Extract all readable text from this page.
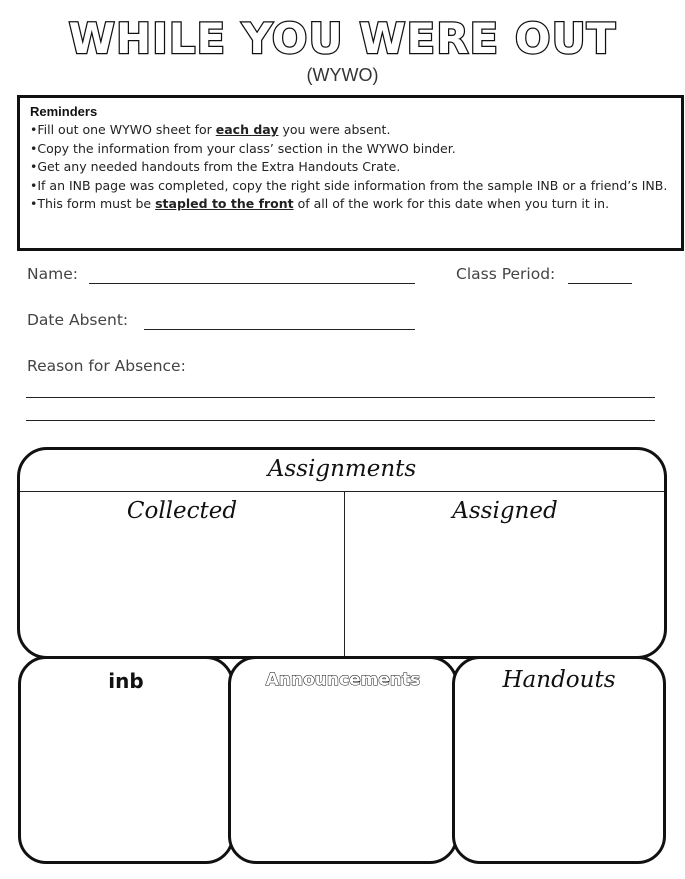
WHILE YOU WERE OUT
(WYWO)
Reminders
• Fill out one WYWO sheet for each day you were absent.
• Copy the information from your class’ section in the WYWO binder.
• Get any needed handouts from the Extra Handouts Crate.
• If an INB page was completed, copy the right side information from the sample INB or a friend’s INB.
• This form must be stapled to the front of all of the work for this date when you turn it in.
Name:	Class Period:
Date Absent:
Reason for Absence:
Assignments
Collected	Assigned
inb	Announcements	Handouts
